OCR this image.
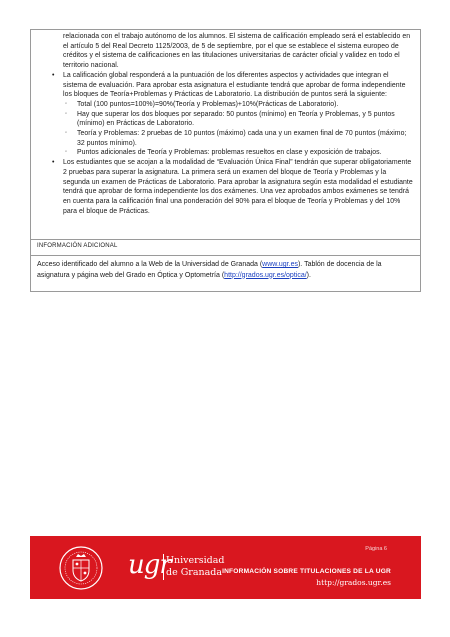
relacionada con el trabajo autónomo de los alumnos. El sistema de calificación empleado será el establecido en el artículo 5 del Real Decreto 1125/2003, de 5 de septiembre, por el que se establece el sistema europeo de créditos y el sistema de calificaciones en las titulaciones universitarias de carácter oficial y validez en todo el territorio nacional.

• La calificación global responderá a la puntuación de los diferentes aspectos y actividades que integran el sistema de evaluación. Para aprobar esta asignatura el estudiante tendrá que aprobar de forma independiente los bloques de Teoría+Problemas y Prácticas de Laboratorio. La distribución de puntos será la siguiente:
◦ Total (100 puntos=100%)=90%(Teoría y Problemas)+10%(Prácticas de Laboratorio).
◦ Hay que superar los dos bloques por separado: 50 puntos (mínimo) en Teoría y Problemas, y 5 puntos (mínimo) en Prácticas de Laboratorio.
◦ Teoría y Problemas: 2 pruebas de 10 puntos (máximo) cada una y un examen final de 70 puntos (máximo; 32 puntos mínimo).
◦ Puntos adicionales de Teoría y Problemas: problemas resueltos en clase y exposición de trabajos.
• Los estudiantes que se acojan a la modalidad de “Evaluación Única Final” tendrán que superar obligatoriamente 2 pruebas para superar la asignatura. La primera será un examen del bloque de Teoría y Problemas y la segunda un examen de Prácticas de Laboratorio. Para aprobar la asignatura según esta modalidad el estudiante tendrá que aprobar de forma independiente los dos exámenes. Una vez aprobados ambos exámenes se tendrá en cuenta para la calificación final una ponderación del 90% para el bloque de Teoría y Problemas y del 10% para el bloque de Prácticas.
INFORMACIÓN ADICIONAL
Acceso identificado del alumno a la Web de la Universidad de Granada (www.ugr.es). Tablón de docencia de la asignatura y página web del Grado en Óptica y Optometría (http://grados.ugr.es/optica/).
Página 6
ugr
Universidad
de Granada INFORMACIÓN SOBRE TITULACIONES DE LA UGR
http://grados.ugr.es
